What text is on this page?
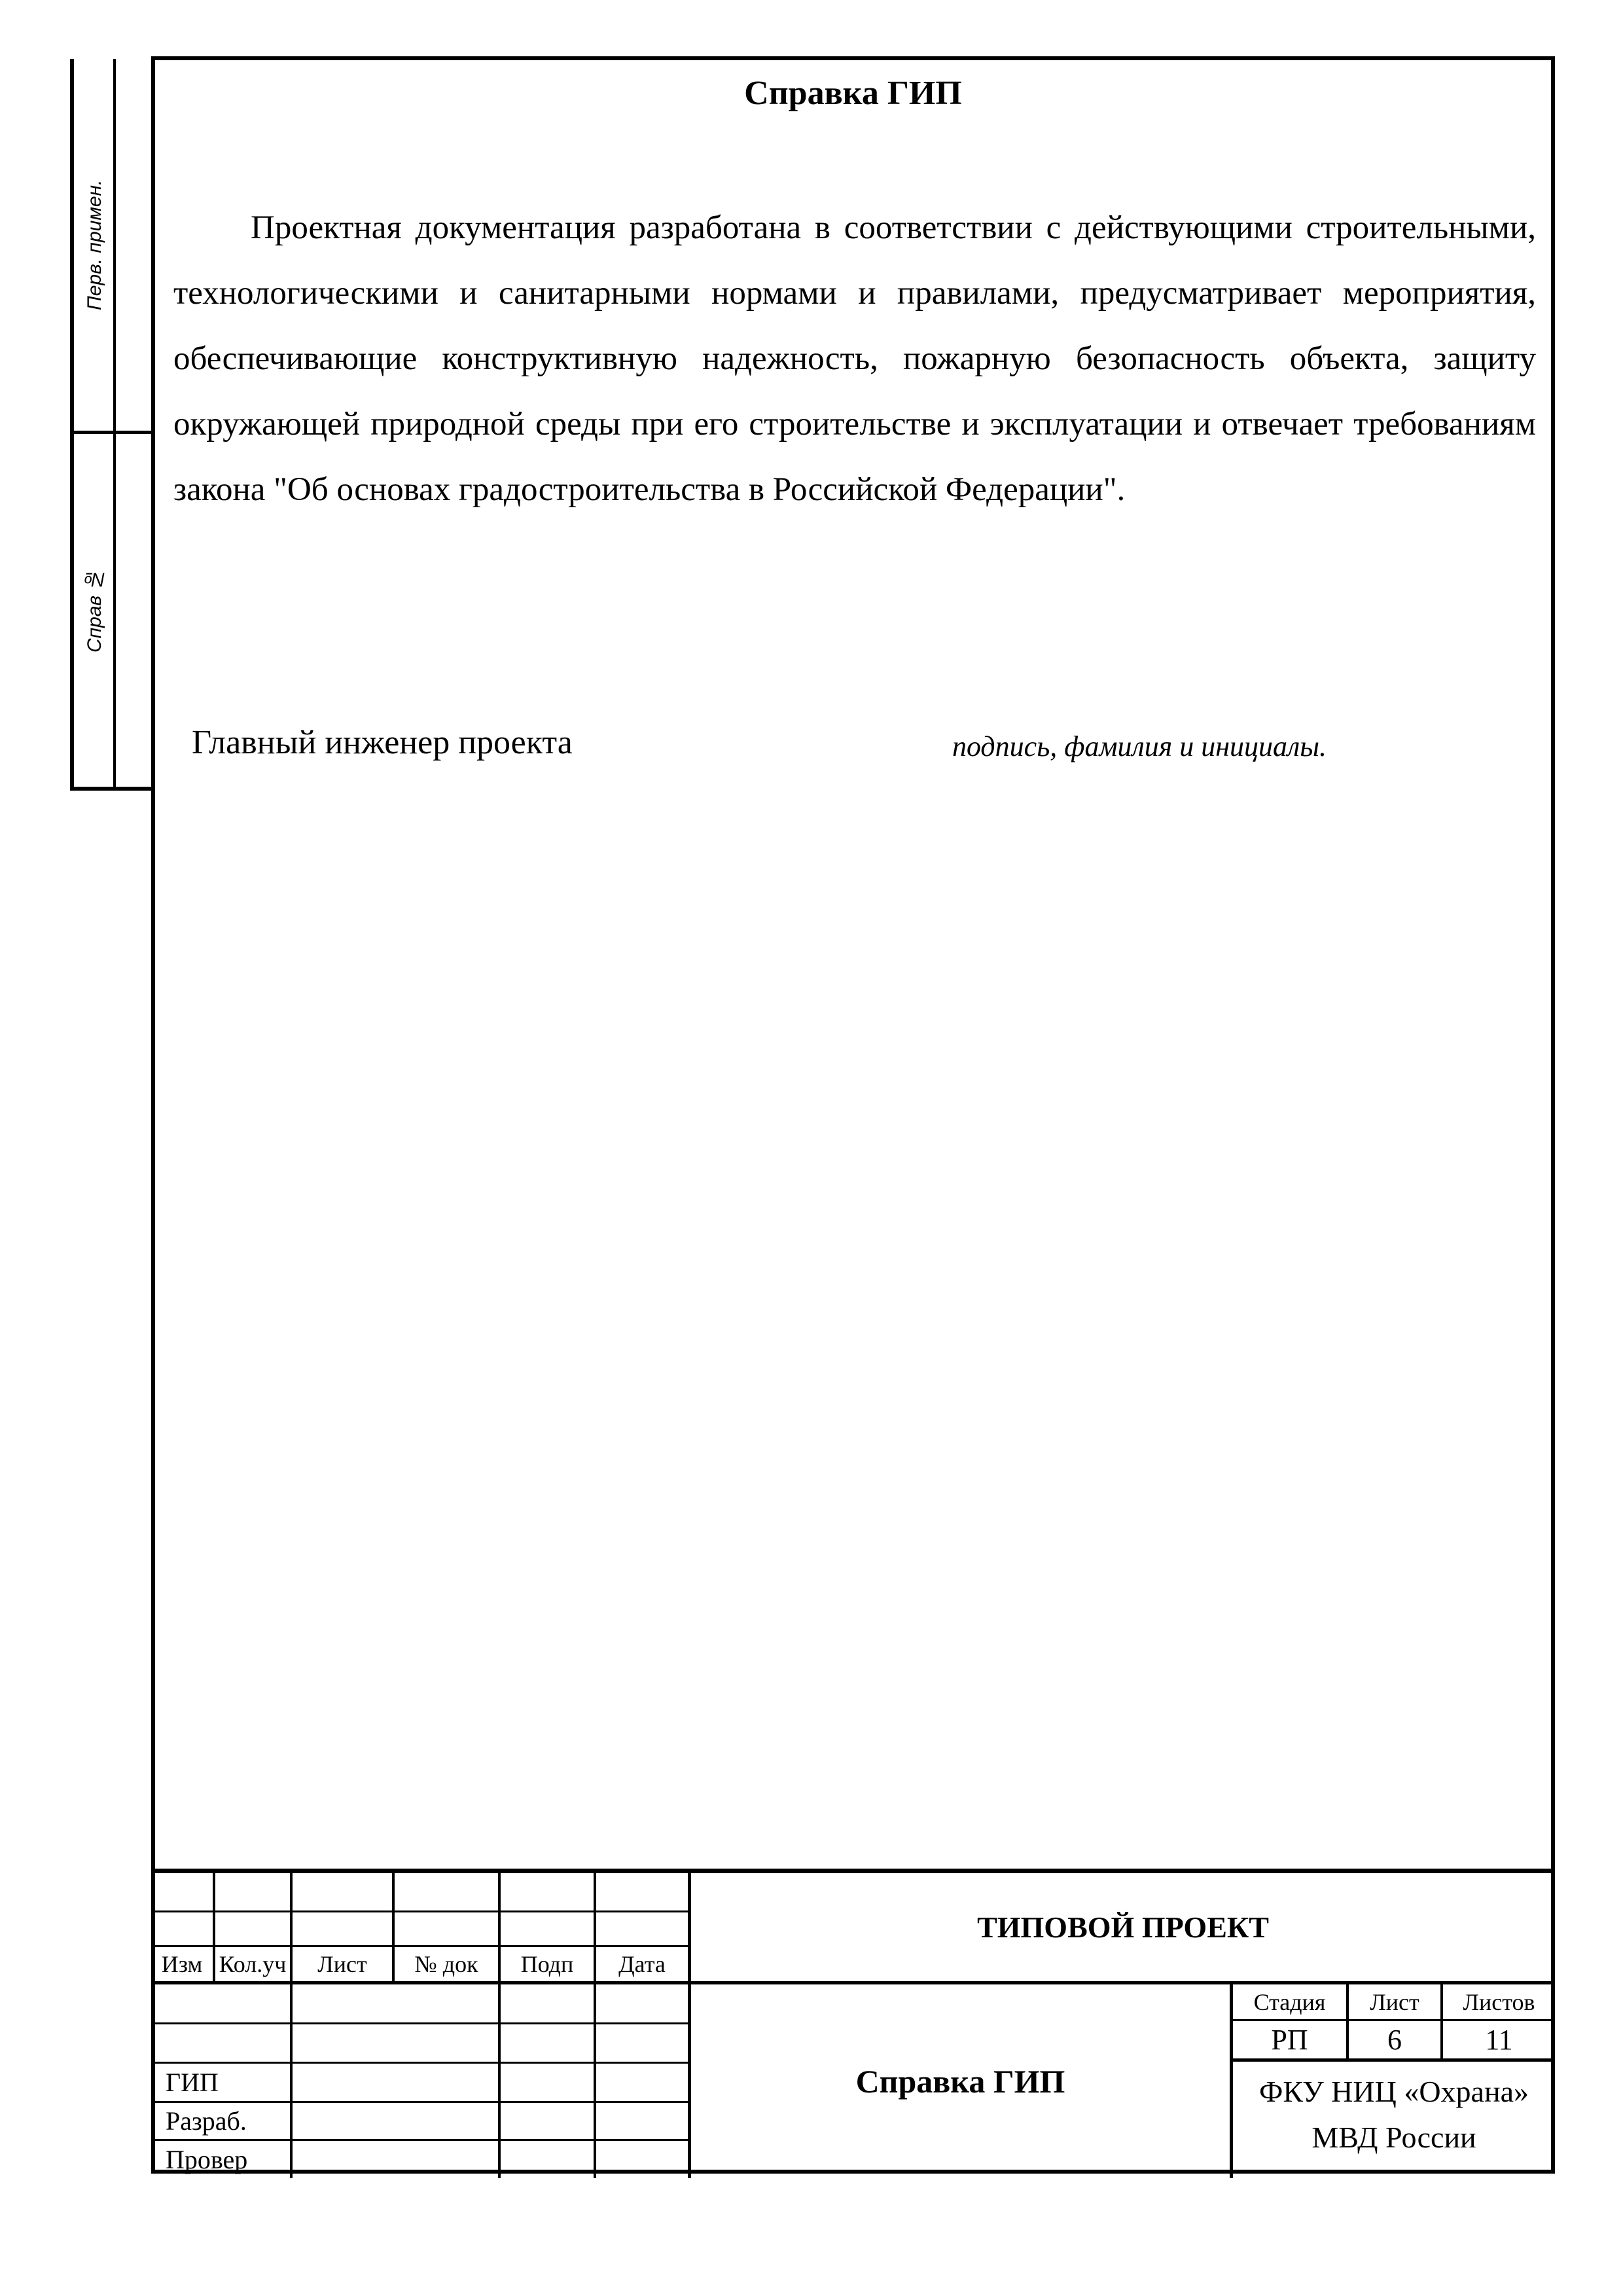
Перв. примен.
Справ №
Справка ГИП

Проектная документация разработана в соответствии с действующими строительными, технологическими и санитарными нормами и правилами, предусматривает мероприятия, обеспечивающие конструктивную надежность, пожарную безопасность объекта, защиту окружающей природной среды при его строительстве и эксплуатации и отвечает требованиям закона "Об основах градостроительства в Российской Федерации".

Главный инженер проекта	подпись, фамилия и инициалы.
Изм Кол.уч	Лист	№ док	Подп	Дата
ГИП
Разраб.
Провер
ТИПОВОЙ ПРОЕКТ
Справка ГИП
Стадия	Лист	Листов
РП	6	11
ФКУ НИЦ «Охрана»
МВД России
